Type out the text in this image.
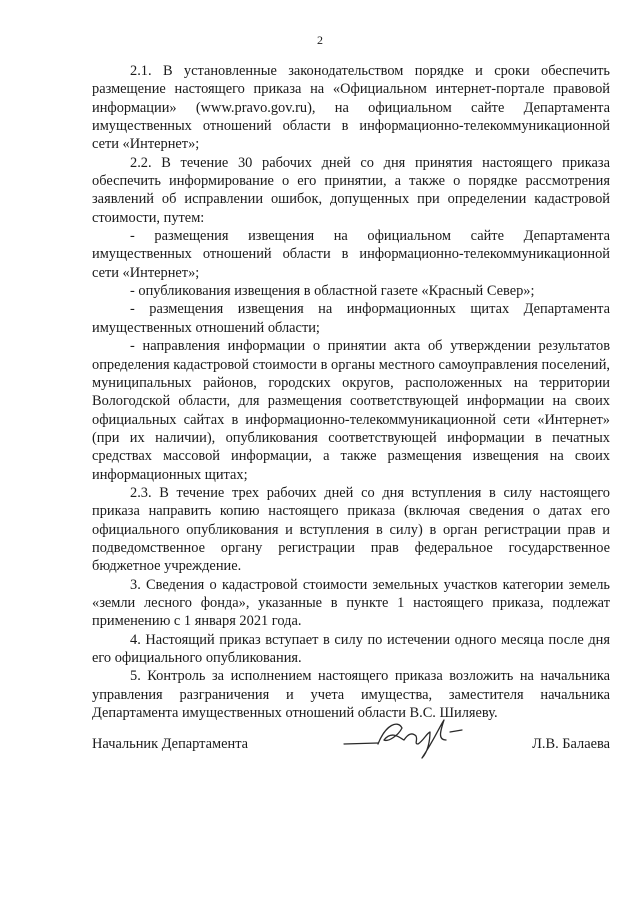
2

2.1. В установленные законодательством порядке и сроки обеспечить размещение настоящего приказа на «Официальном интернет-портале правовой информации» (www.pravo.gov.ru), на официальном сайте Департамента имущественных отношений области в информационно-телекоммуникационной сети «Интернет»;

2.2. В течение 30 рабочих дней со дня принятия настоящего приказа обеспечить информирование о его принятии, а также о порядке рассмотрения заявлений об исправлении ошибок, допущенных при определении кадастровой стоимости, путем:

- размещения извещения на официальном сайте Департамента имущественных отношений области в информационно-телекоммуникационной сети «Интернет»;

- опубликования извещения в областной газете «Красный Север»;

- размещения извещения на информационных щитах Департамента имущественных отношений области;

- направления информации о принятии акта об утверждении результатов определения кадастровой стоимости в органы местного самоуправления поселений, муниципальных районов, городских округов, расположенных на территории Вологодской области, для размещения соответствующей информации на своих официальных сайтах в информационно-телекоммуникационной сети «Интернет» (при их наличии), опубликования соответствующей информации в печатных средствах массовой информации, а также размещения извещения на своих информационных щитах;

2.3. В течение трех рабочих дней со дня вступления в силу настоящего приказа направить копию настоящего приказа (включая сведения о датах его официального опубликования и вступления в силу) в орган регистрации прав и подведомственное органу регистрации прав федеральное государственное бюджетное учреждение.

3. Сведения о кадастровой стоимости земельных участков категории земель «земли лесного фонда», указанные в пункте 1 настоящего приказа, подлежат применению с 1 января 2021 года.

4. Настоящий приказ вступает в силу по истечении одного месяца после дня его официального опубликования.

5. Контроль за исполнением настоящего приказа возложить на начальника управления разграничения и учета имущества, заместителя начальника Департамента имущественных отношений области В.С. Шиляеву.

Начальник Департамента	Л.В. Балаева
